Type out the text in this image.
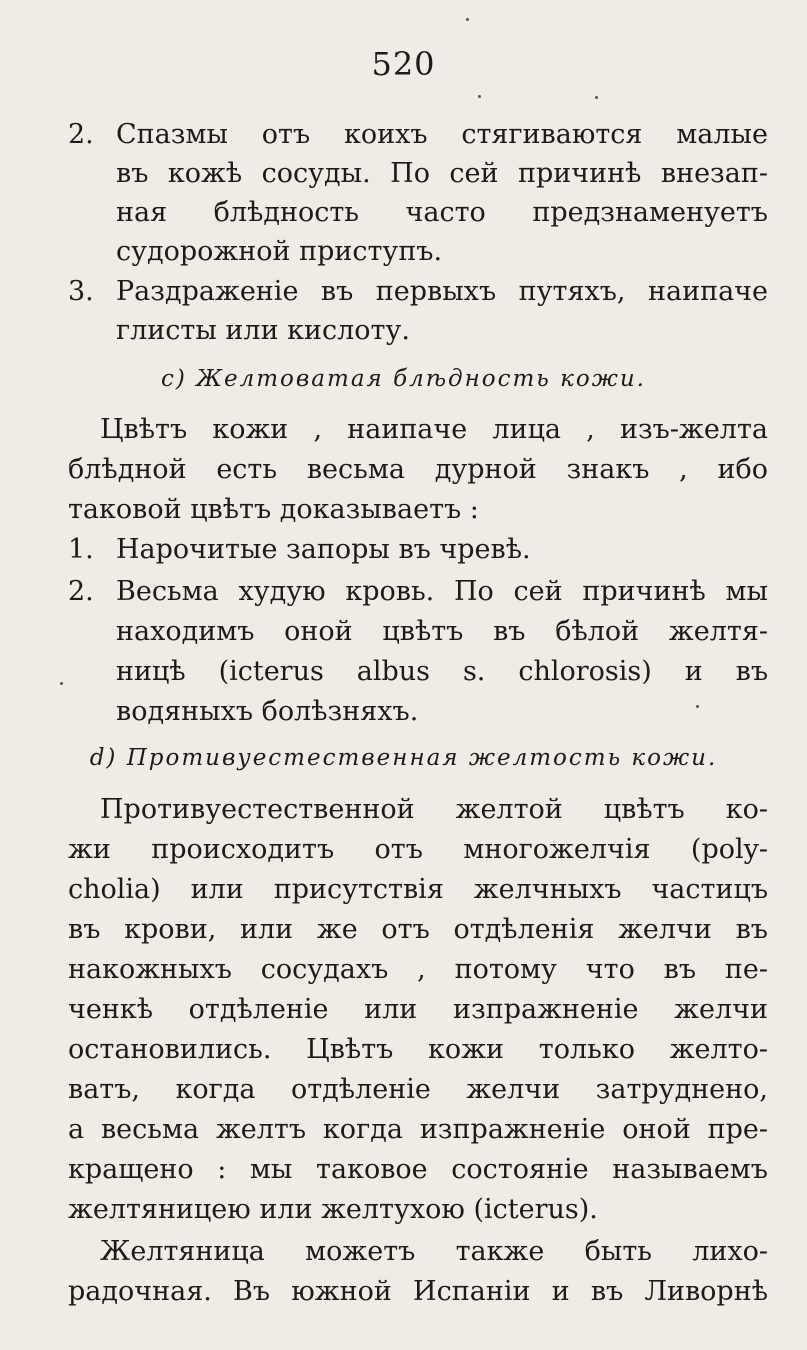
520
2. Спазмы отъ коихъ стягиваются малые
въ кожѣ сосуды. По сей причинѣ внезап-
ная блѣдность часто предзнаменуетъ
судорожной приступъ.
3. Раздраженіе въ первыхъ путяхъ, наипаче
глисты или кислоту.
c) Желтоватая блѣдность кожи.
Цвѣтъ кожи , наипаче лица , изъ-желта
блѣдной есть весьма дурной знакъ , ибо
таковой цвѣтъ доказываетъ :
1. Нарочитые запоры въ чревѣ.
2. Весьма худую кровь. По сей причинѣ мы
находимъ оной цвѣтъ въ бѣлой желтя-
ницѣ (icterus albus s. chlorosis) и въ
водяныхъ болѣзняхъ.
d) Противуестественная желтость кожи.
Противуестественной желтой цвѣтъ ко-
жи происходитъ отъ многожелчія (poly-
cholia) или присутствія желчныхъ частицъ
въ крови, или же отъ отдѣленія желчи въ
накожныхъ сосудахъ , потому что въ пе-
ченкѣ отдѣленіе или изпражненіе желчи
остановились. Цвѣтъ кожи только желто-
ватъ, когда отдѣленіе желчи затруднено,
а весьма желтъ когда изпражненіе оной пре-
кращено : мы таковое состояніе называемъ
желтяницею или желтухою (icterus).
Желтяница можетъ также быть лихо-
радочная. Въ южной Испаніи и въ Ливорнѣ
